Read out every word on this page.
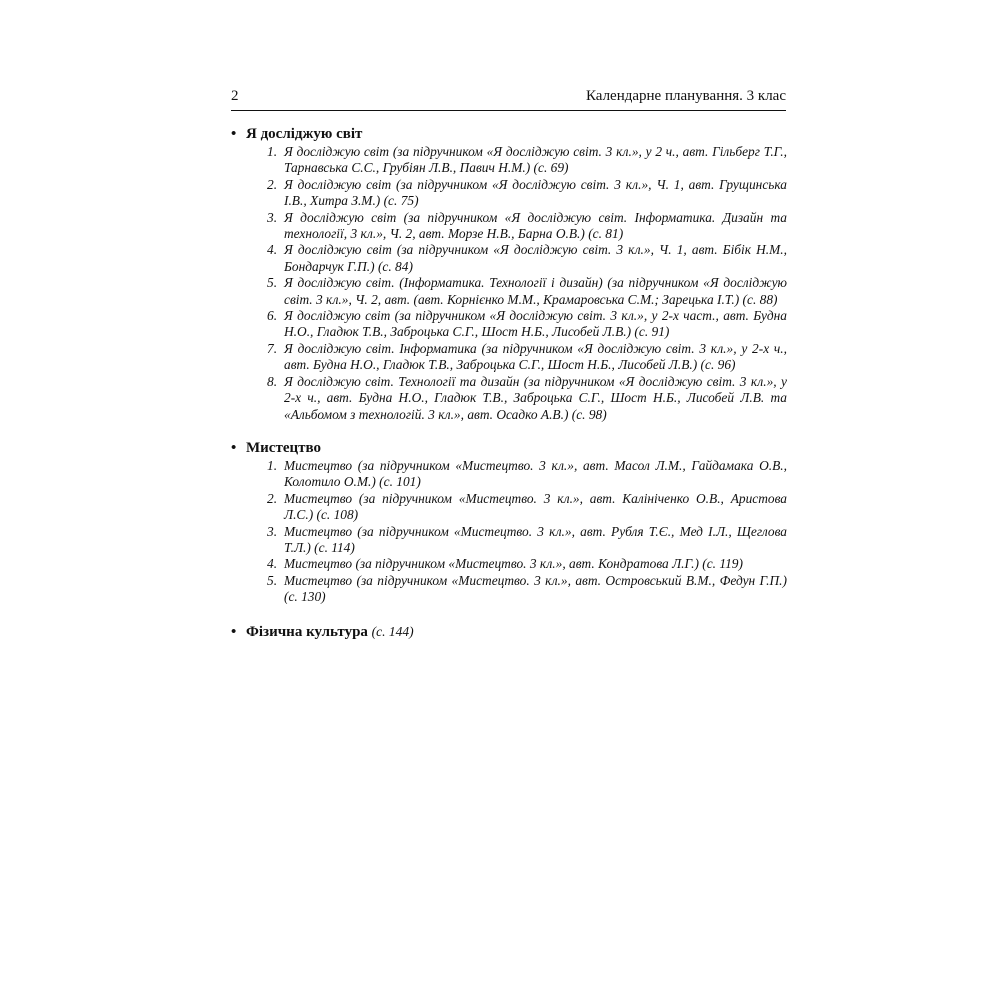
2	Календарне планування. 3 клас
• Я досліджую світ
1. Я досліджую світ (за підручником «Я досліджую світ. 3 кл.», у 2 ч., авт. Гільберг Т.Г., Тарнавська С.С., Грубіян Л.В., Павич Н.М.) (с. 69)
2. Я досліджую світ (за підручником «Я досліджую світ. 3 кл.», Ч. 1, авт. Грущинська І.В., Хитра З.М.) (с. 75)
3. Я досліджую світ (за підручником «Я досліджую світ. Інформатика. Дизайн та технології, 3 кл.», Ч. 2, авт. Морзе Н.В., Барна О.В.) (с. 81)
4. Я досліджую світ (за підручником «Я досліджую світ. 3 кл.», Ч. 1, авт. Бібік Н.М., Бондарчук Г.П.) (с. 84)
5. Я досліджую світ. (Інформатика. Технології і дизайн) (за підручником «Я досліджую світ. 3 кл.», Ч. 2, авт. (авт. Корнієнко М.М., Крамаровська С.М.; Зарецька І.Т.) (с. 88)
6. Я досліджую світ (за підручником «Я досліджую світ. 3 кл.», у 2-х част., авт. Будна Н.О., Гладюк Т.В., Заброцька С.Г., Шост Н.Б., Лисобей Л.В.) (с. 91)
7. Я досліджую світ. Інформатика (за підручником «Я досліджую світ. 3 кл.», у 2-х ч., авт. Будна Н.О., Гладюк Т.В., Заброцька С.Г., Шост Н.Б., Лисобей Л.В.) (с. 96)
8. Я досліджую світ. Технології та дизайн (за підручником «Я досліджую світ. 3 кл.», у 2-х ч., авт. Будна Н.О., Гладюк Т.В., Заброцька С.Г., Шост Н.Б., Лисобей Л.В. та «Альбомом з технологій. 3 кл.», авт. Осадко А.В.) (с. 98)
• Мистецтво
1. Мистецтво (за підручником «Мистецтво. 3 кл.», авт. Масол Л.М., Гайдамака О.В., Колотило О.М.) (с. 101)
2. Мистецтво (за підручником «Мистецтво. 3 кл.», авт. Калініченко О.В., Аристова Л.С.) (с. 108)
3. Мистецтво (за підручником «Мистецтво. 3 кл.», авт. Рубля Т.Є., Мед І.Л., Щеглова Т.Л.) (с. 114)
4. Мистецтво (за підручником «Мистецтво. 3 кл.», авт. Кондратова Л.Г.) (с. 119)
5. Мистецтво (за підручником «Мистецтво. 3 кл.», авт. Островський В.М., Федун Г.П.) (с. 130)
• Фізична культура (с. 144)
